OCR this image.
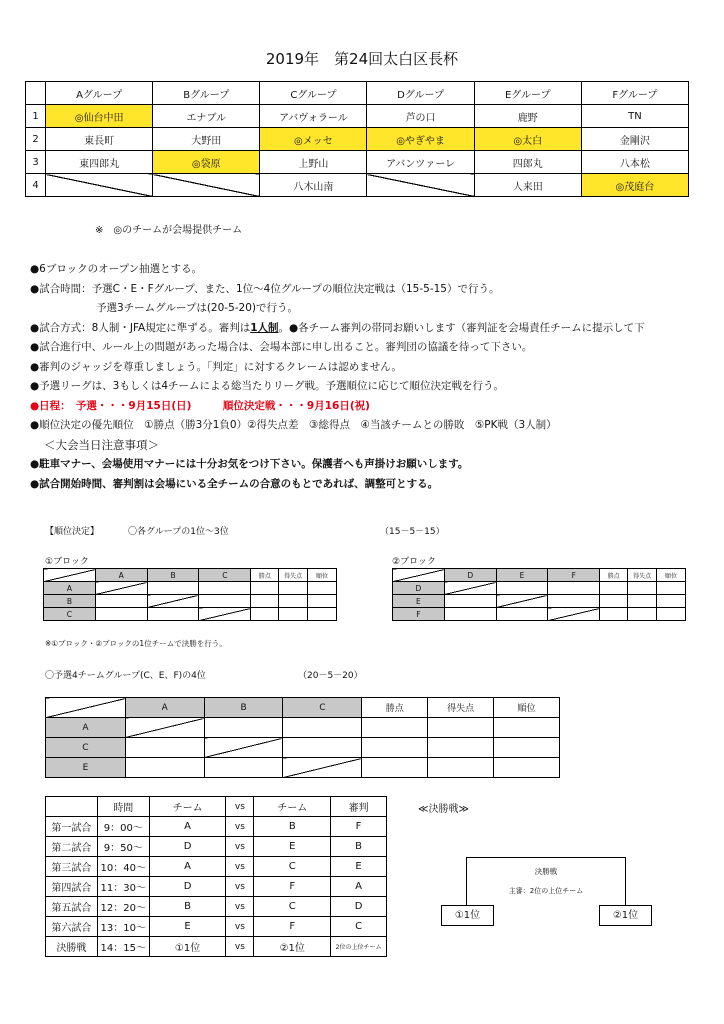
2019年　第24回太白区長杯
	Aグループ	Bグループ	Cグループ	Dグループ	Eグループ	Fグループ
1	◎仙台中田	エナブル	アバヴォラール	芦の口	鹿野	TN
2	東長町	大野田	◎メッセ	◎やぎやま	◎太白	金剛沢
3	東四郎丸	◎袋原	上野山	アバンツァーレ	四郎丸	八本松
4			八木山南		人来田	◎茂庭台
※　◎のチームが会場提供チーム
●6ブロックのオープン抽選とする。
●試合時間：予選C・E・Fグループ、また、1位～4位グループの順位決定戦は（15-5-15）で行う。
予選3チームグループは(20-5-20)で行う。
●試合方式：8人制・JFA規定に準ずる。審判は1人制。●各チーム審判の帯同お願いします（審判証を会場責任チームに提示して下
●試合進行中、ルール上の問題があった場合は、会場本部に申し出ること。審判団の協議を待って下さい。
●審判のジャッジを尊重しましょう。「判定」に対するクレームは認めません。
●予選リーグは、3もしくは4チームによる総当たりリーグ戦。予選順位に応じて順位決定戦を行う。
●日程：　予選・・・9月15日(日)　　　順位決定戦・・・9月16日(祝)
●順位決定の優先順位　①勝点（勝3分1負0）②得失点差　③総得点　④当該チームとの勝敗　⑤PK戦（3人制）
＜大会当日注意事項＞
●駐車マナー、会場使用マナーには十分お気をつけ下さい。保護者へも声掛けお願いします。
●試合開始時間、審判割は会場にいる全チームの合意のもとであれば、調整可とする。
【順位決定】	〇各グループの1位～3位	（15－5－15）
①ブロック
	A	B	C	勝点	得失点	順位
A						
B						
C						
②ブロック
	D	E	F	勝点	得失点	順位
D						
E						
F						
※①ブロック・②ブロックの1位チームで決勝を行う。
〇予選4チームグループ(C、E、F)の4位	（20－5－20）
	A	B	C	勝点	得失点	順位
A						
C						
E						
	時間	チーム	vs	チーム	審判
第一試合	9：00～	A	vs	B	F
第二試合	9：50～	D	vs	E	B
第三試合	10：40～	A	vs	C	E
第四試合	11：30～	D	vs	F	A
第五試合	12：20～	B	vs	C	D
第六試合	13：10～	E	vs	F	C
決勝戦	14：15～	①1位	vs	②1位	2位の上位チーム
≪決勝戦≫
決勝戦
主審：2位の上位チーム
①1位	②1位
